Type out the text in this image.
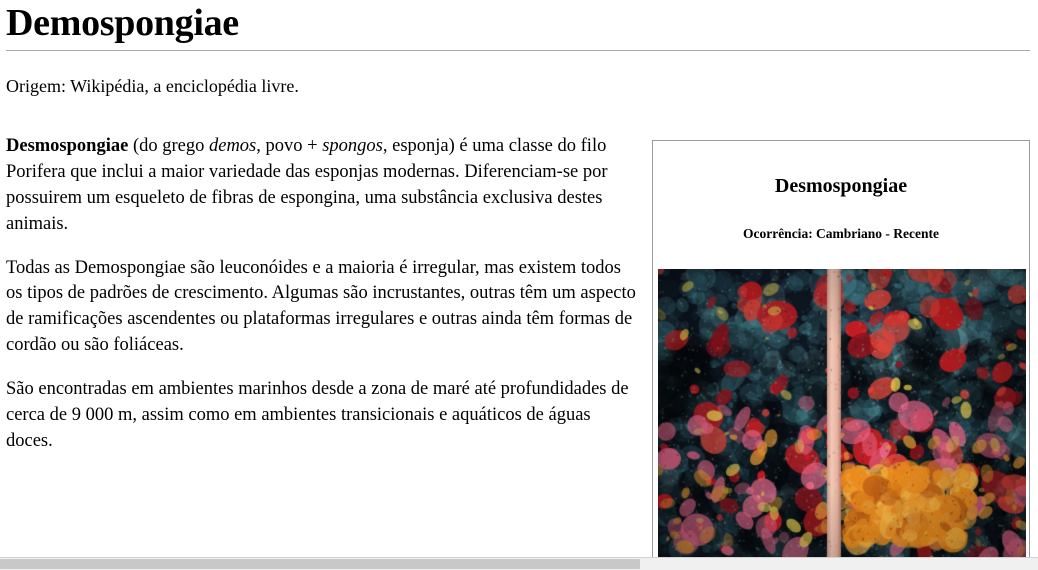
Demospongiae
Origem: Wikipédia, a enciclopédia livre.

Desmospongiae (do grego demos, povo + spongos, esponja) é uma classe do filo Porifera que inclui a maior variedade das esponjas modernas. Diferenciam-se por possuirem um esqueleto de fibras de espongina, uma substância exclusiva destes animais.

Todas as Demospongiae são leuconóides e a maioria é irregular, mas existem todos os tipos de padrões de crescimento. Algumas são incrustantes, outras têm um aspecto de ramificações ascendentes ou plataformas irregulares e outras ainda têm formas de cordão ou são foliáceas.

São encontradas em ambientes marinhos desde a zona de maré até profundidades de cerca de 9 000 m, assim como em ambientes transicionais e aquáticos de águas doces.

Desmospongiae
Ocorrência: Cambriano - Recente
